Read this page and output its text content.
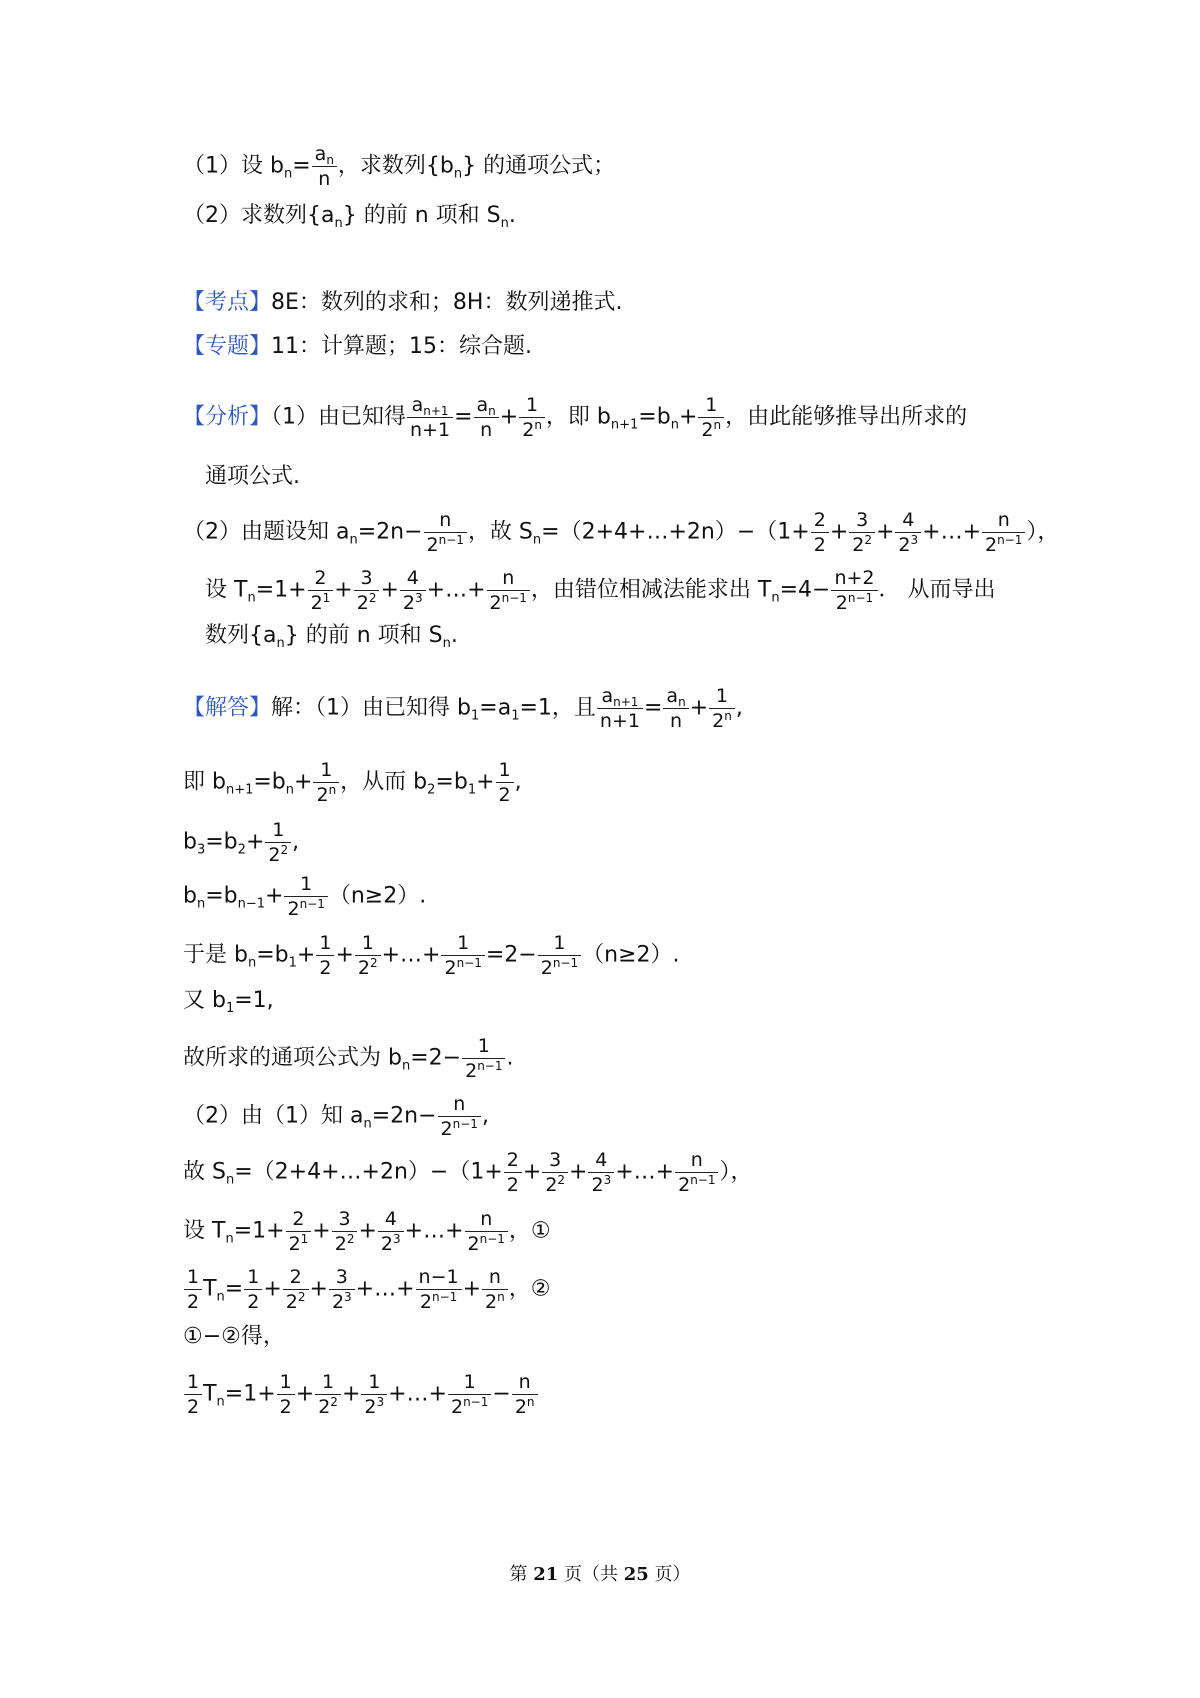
（1）设 $b_n= \frac{a_n}{n}$ ，求数列$\{b_n\}$ 的通项公式；
（2）求数列$\{a_n\}$ 的前 n 项和 $S_n$.
【考点】8E：数列的求和；8H：数列递推式.
【专题】11：计算题；15：综合题.
【分析】（1）由已知得 $\frac{a_{n+1}}{n+1} = \frac{a_n}{n} + \frac{1}{2^n}$ ，即 $b_{n+1}=b_n+ \frac{1}{2^n}$ ，由此能够推导出所求的
通项公式.
（2）由题设知 $a_n=2n- \frac{n}{2^{n-1}}$ ，故 $S_n=(2+4+\dots+2n)-(1+ \frac{2}{2} + \frac{3}{2^2} + \frac{4}{2^3}$ +…+ $\frac{n}{2^{n-1}}$ ），
设 $T_n=1+ \frac{2}{2^1} + \frac{3}{2^2} + \frac{4}{2^3}$ +…+ $\frac{n}{2^{n-1}}$ ，由错位相减法能求出 $T_n=4- \frac{n+2}{2^{n-1}}$ ． 从而导出
数列$\{a_n\}$ 的前 n 项和 $S_n$.
【解答】解：（1）由已知得 $b_1=a_1=1$，且 $\frac{a_{n+1}}{n+1} = \frac{a_n}{n} + \frac{1}{2^n}$ ,
即 $b_{n+1}=b_n+ \frac{1}{2^n}$ ，从而 $b_2=b_1+ \frac{1}{2}$ ,
$b_3=b_2+ \frac{1}{2^2}$ ,
$b_n=b_{n-1}+ \frac{1}{2^{n-1}} (n\ge 2)$.
于是 $b_n=b_1+ \frac{1}{2} + \frac{1}{2^2}$ +…+ $\frac{1}{2^{n-1}} =2- \frac{1}{2^{n-1}} (n\ge 2)$.
又 $b_1=1$,
故所求的通项公式为 $b_n=2- \frac{1}{2^{n-1}}$ .
（2）由（1）知 $a_n=2n- \frac{n}{2^{n-1}}$ ,
故 $S_n=(2+4+\dots+2n)-(1+ \frac{2}{2} + \frac{3}{2^2} + \frac{4}{2^3}$ +…+ $\frac{n}{2^{n-1}}$ ），
设 $T_n=1+ \frac{2}{2^1} + \frac{3}{2^2} + \frac{4}{2^3}$ +…+ $\frac{n}{2^{n-1}}$ ，①
$\frac{1}{2} T_n= \frac{1}{2} + \frac{2}{2^2} + \frac{3}{2^3}$ +…+ $\frac{n-1}{2^{n-1}} + \frac{n}{2^n}$ ，②
①−②得，
$\frac{1}{2} T_n=1+ \frac{1}{2} + \frac{1}{2^2} + \frac{1}{2^3}$ +…+ $\frac{1}{2^{n-1}} - \frac{n}{2^n}$
第 21 页（共 25 页）
